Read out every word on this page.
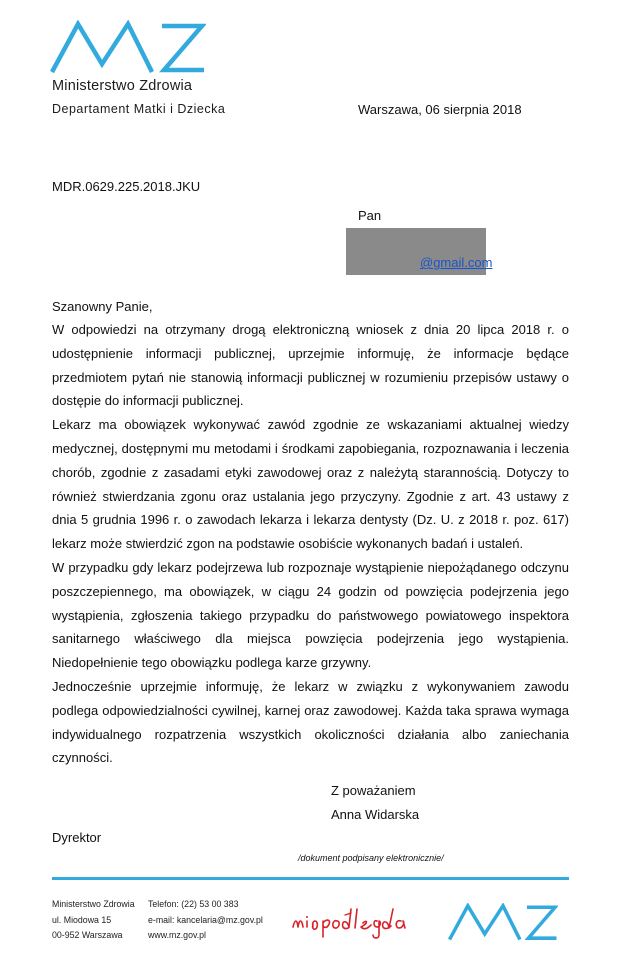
Ministerstwo Zdrowia
Departament Matki i Dziecka	Warszawa, 06 sierpnia 2018
MDR.0629.225.2018.JKU
Pan
@gmail.com
Szanowny Panie,

W odpowiedzi na otrzymany drogą elektroniczną wniosek z dnia 20 lipca 2018 r. o udostępnienie informacji publicznej, uprzejmie informuję, że informacje będące przedmiotem pytań nie stanowią informacji publicznej w rozumieniu przepisów ustawy o dostępie do informacji publicznej.

Lekarz ma obowiązek wykonywać zawód zgodnie ze wskazaniami aktualnej wiedzy medycznej, dostępnymi mu metodami i środkami zapobiegania, rozpoznawania i leczenia chorób, zgodnie z zasadami etyki zawodowej oraz z należytą starannością. Dotyczy to również stwierdzania zgonu oraz ustalania jego przyczyny. Zgodnie z art. 43 ustawy z dnia 5 grudnia 1996 r. o zawodach lekarza i lekarza dentysty (Dz. U. z 2018 r. poz. 617) lekarz może stwierdzić zgon na podstawie osobiście wykonanych badań i ustaleń.

W przypadku gdy lekarz podejrzewa lub rozpoznaje wystąpienie niepożądanego odczynu poszczepiennego, ma obowiązek, w ciągu 24 godzin od powzięcia podejrzenia jego wystąpienia, zgłoszenia takiego przypadku do państwowego powiatowego inspektora sanitarnego właściwego dla miejsca powzięcia podejrzenia jego wystąpienia. Niedopełnienie tego obowiązku podlega karze grzywny.

Jednocześnie uprzejmie informuję, że lekarz w związku z wykonywaniem zawodu podlega odpowiedzialności cywilnej, karnej oraz zawodowej. Każda taka sprawa wymaga indywidualnego rozpatrzenia wszystkich okoliczności działania albo zaniechania czynności.

Z poważaniem
Anna Widarska
Dyrektor
/dokument podpisany elektronicznie/
Ministerstwo Zdrowia
ul. Miodowa 15
00-952 Warszawa
Telefon: (22) 53 00 383
e-mail: kancelaria@mz.gov.pl
www.mz.gov.pl
